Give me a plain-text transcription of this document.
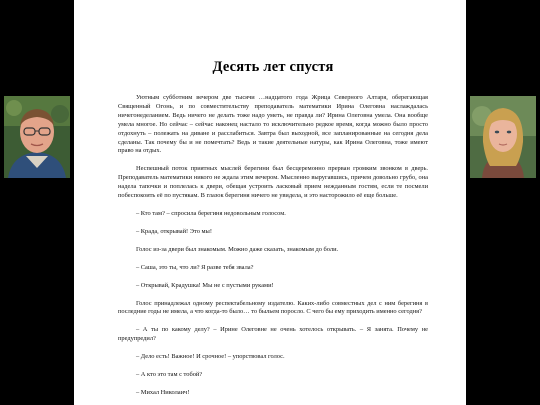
Десять лет спустя

Уютным субботним вечером две тысячи …надцатого года Жрица Северного Алтаря, оберегающая Священный Огонь, и по совместительству преподаватель математики Ирина Олеговна наслаждалась ничегонеделанием. Ведь ничего не делать тоже надо уметь, не правда ли? Ирина Олеговна умела. Она вообще умела многое. Но сейчас – сейчас наконец настало то исключительно редкое время, когда можно было просто отдохнуть – полежать на диване и расслабиться. Завтра был выходной, все запланированные на сегодня дела сделаны. Так почему бы и не помечтать? Ведь и такие деятельные натуры, как Ирина Олеговна, тоже имеют право на отдых.

Неспешный поток приятных мыслей берегини был бесцеремонно прерван громким звонком в дверь. Преподаватель математики никого не ждала этим вечером. Мысленно выругавшись, причем довольно грубо, она надела тапочки и поплелась к двери, обещая устроить ласковый прием нежданным гостям, если те посмели побеспокоить её по пустякам. В глазок берегиня ничего не увидела, и это насторожило её еще больше.

– Кто там? – спросила берегиня недовольным голосом.

– Крада, открывай! Это мы!

Голос из-за двери был знакомым. Можно даже сказать, знакомым до боли.

– Саша, это ты, что ли? Я разве тебя звала?

– Открывай, Крадушка! Мы не с пустыми руками!

Голос принадлежал одному респектабельному издателю. Каких-либо совместных дел с ним берегиня в последние годы не имела, а что когда-то было… то быльем поросло. С чего бы ему приходить именно сегодня?

– А ты по какому делу? – Ирине Олеговне не очень хотелось открывать. – Я занята. Почему не предупредил?

– Дело есть! Важное! И срочное! – упорствовал голос.

– А кто это там с тобой?

– Михал Николаич!
